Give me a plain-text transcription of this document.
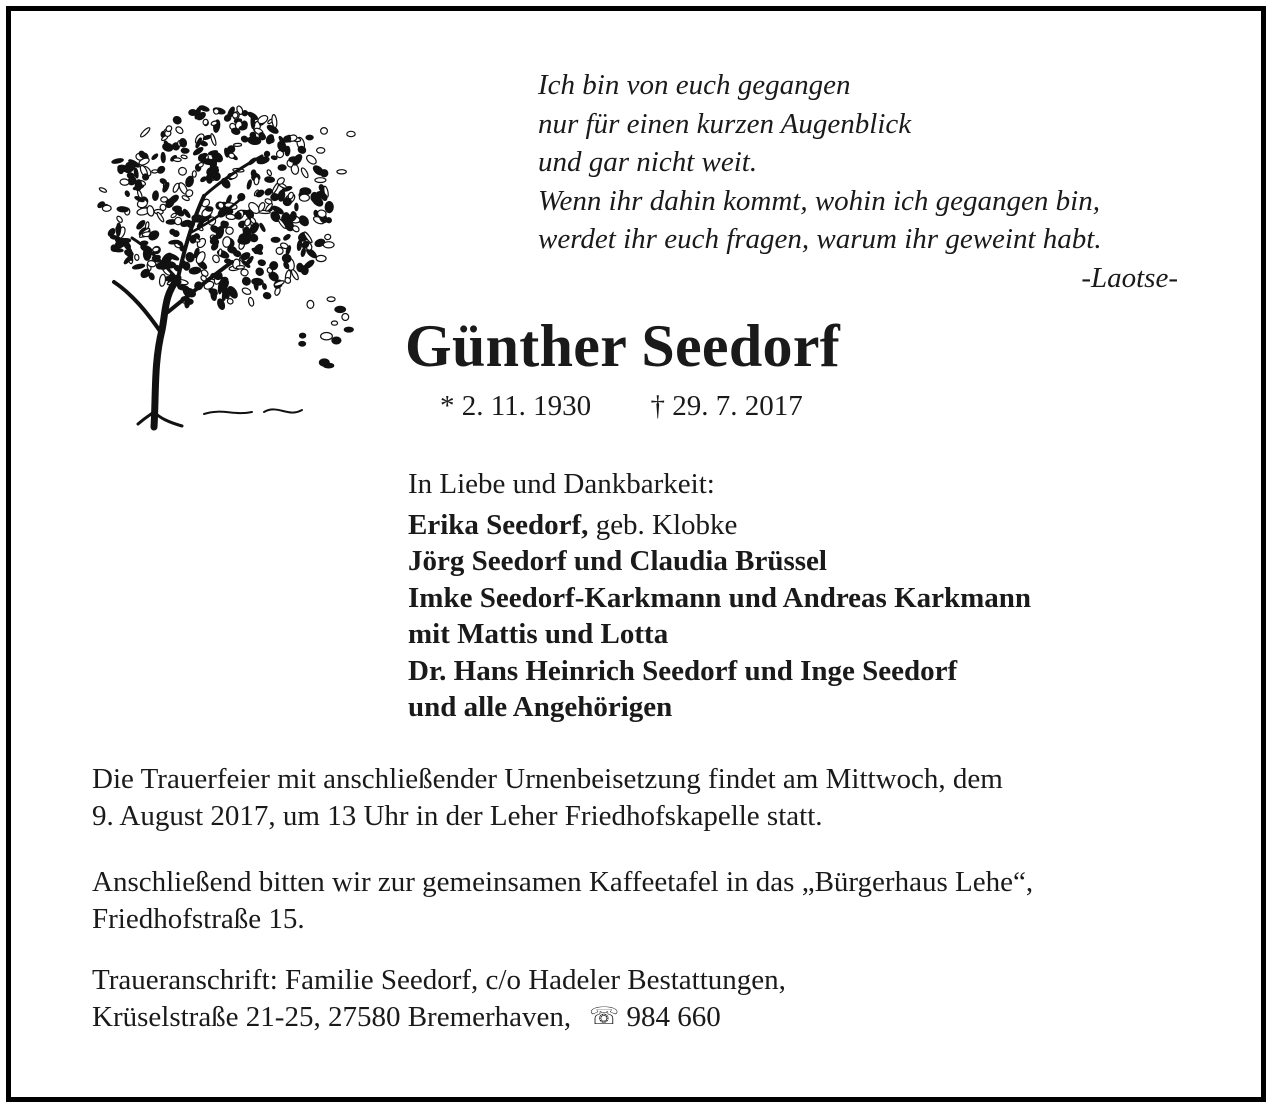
Ich bin von euch gegangen
nur für einen kurzen Augenblick
und gar nicht weit.
Wenn ihr dahin kommt, wohin ich gegangen bin,
werdet ihr euch fragen, warum ihr geweint habt.
-Laotse-
Günther Seedorf
* 2. 11. 1930 † 29. 7. 2017
In Liebe und Dankbarkeit:
Erika Seedorf, geb. Klobke
Jörg Seedorf und Claudia Brüssel
Imke Seedorf-Karkmann und Andreas Karkmann
mit Mattis und Lotta
Dr. Hans Heinrich Seedorf und Inge Seedorf
und alle Angehörigen
Die Trauerfeier mit anschließender Urnenbeisetzung findet am Mittwoch, dem
9. August 2017, um 13 Uhr in der Leher Friedhofskapelle statt.
Anschließend bitten wir zur gemeinsamen Kaffeetafel in das „Bürgerhaus Lehe“,
Friedhofstraße 15.
Traueranschrift: Familie Seedorf, c/o Hadeler Bestattungen,
Krüselstraße 21-25, 27580 Bremerhaven, ☏ 984 660
